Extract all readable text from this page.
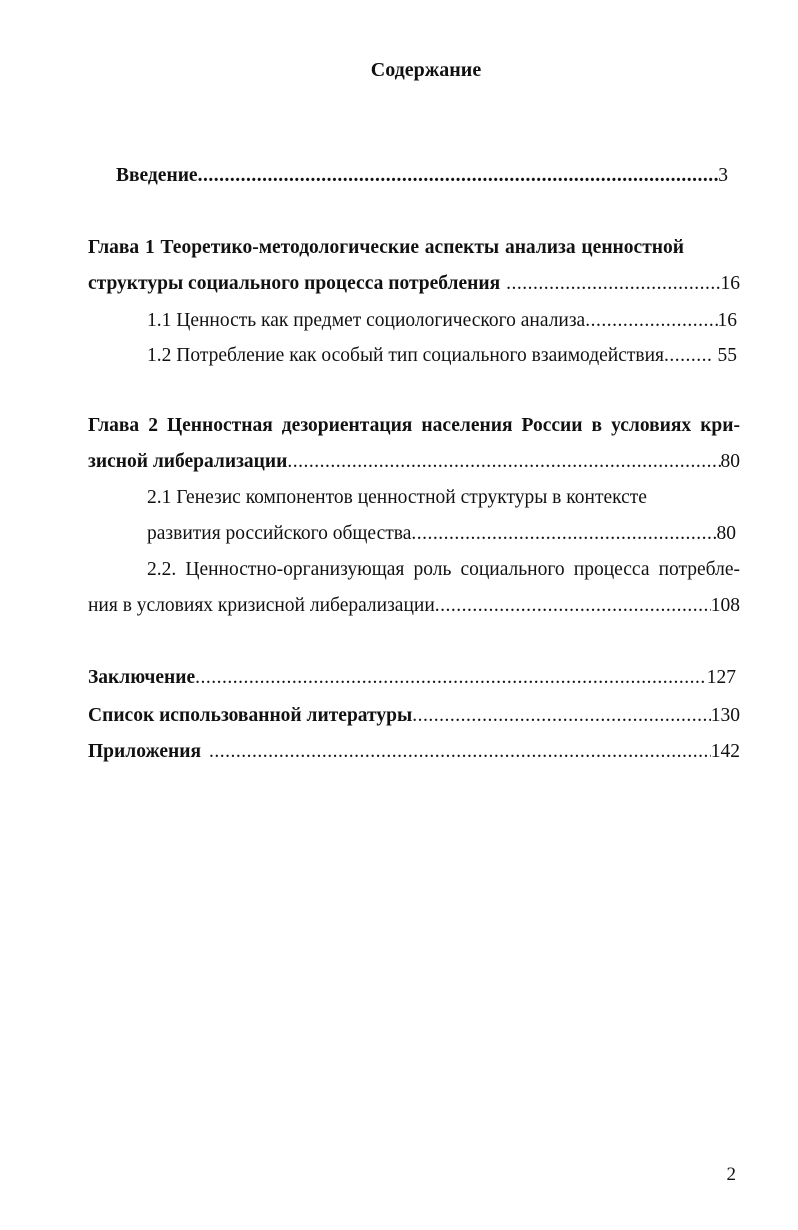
Содержание
Введение .....	3
Глава 1 Теоретико-методологические аспекты анализа ценностной
структуры социального процесса потребления .....	16
1.1 Ценность как предмет социологического анализа .....	16
1.2 Потребление как особый тип социального взаимодействия .....	55
Глава 2 Ценностная дезориентация населения России в условиях кри-
зисной либерализации .....	80
2.1 Генезис компонентов ценностной структуры в контексте
развития российского общества .....	80
2.2. Ценностно-организующая роль социального процесса потребле-
ния в условиях кризисной либерализации .....	108
Заключение .....	127
Список использованной литературы .....	130
Приложения .....	142
2
